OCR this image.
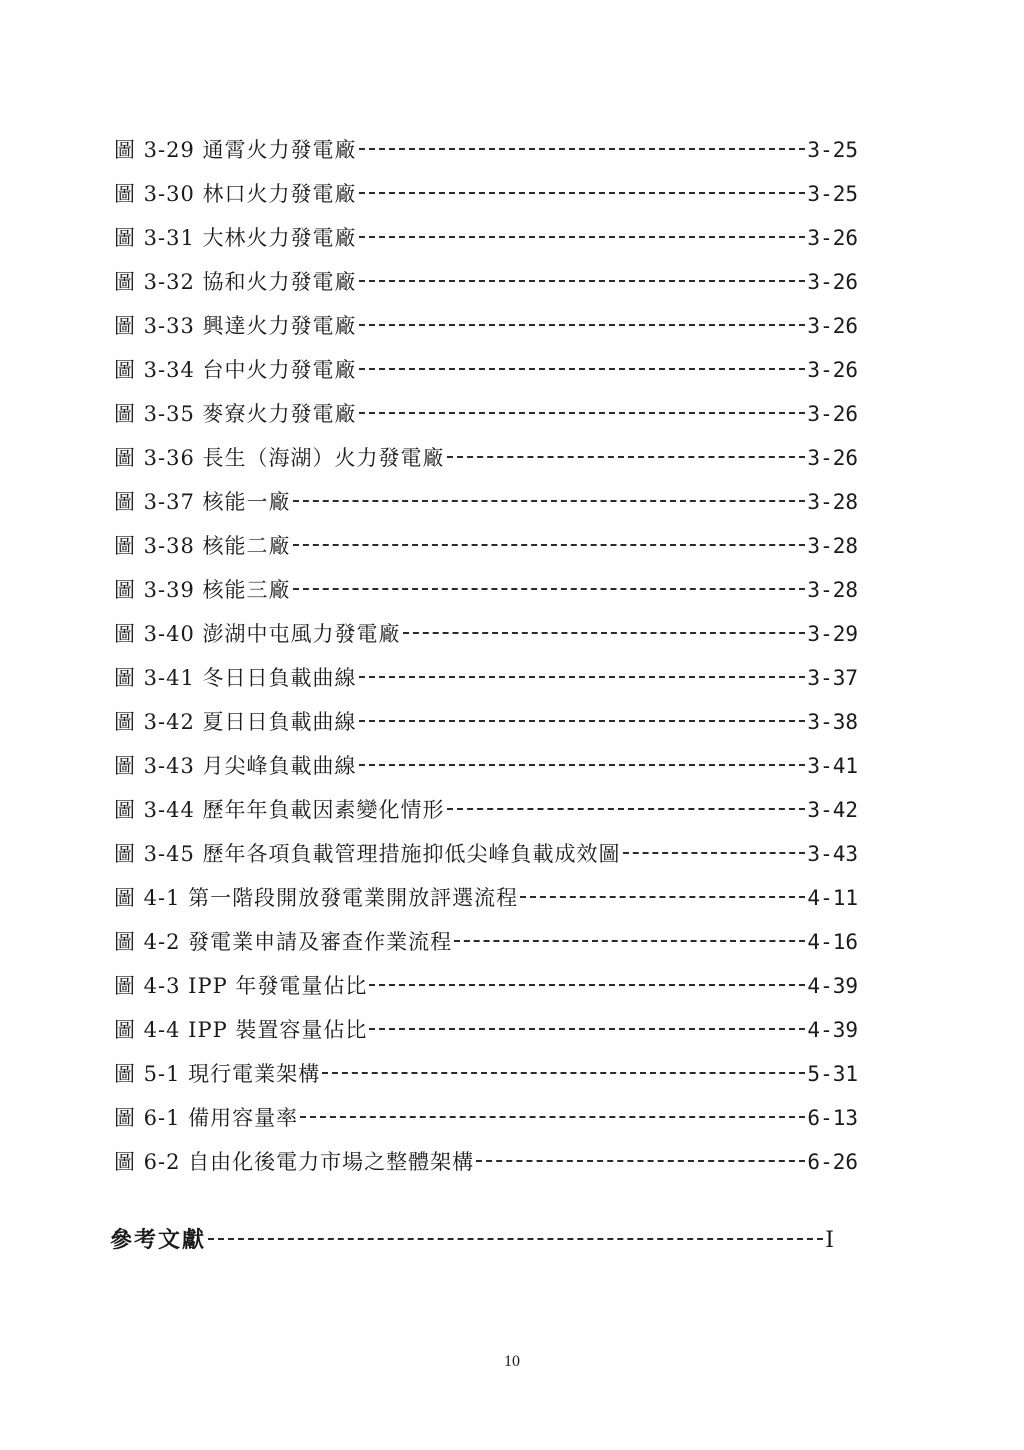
圖 3-29 通霄火力發電廠	3-25
圖 3-30 林口火力發電廠	3-25
圖 3-31 大林火力發電廠	3-26
圖 3-32 協和火力發電廠	3-26
圖 3-33 興達火力發電廠	3-26
圖 3-34 台中火力發電廠	3-26
圖 3-35 麥寮火力發電廠	3-26
圖 3-36 長生（海湖）火力發電廠	3-26
圖 3-37 核能一廠	3-28
圖 3-38 核能二廠	3-28
圖 3-39 核能三廠	3-28
圖 3-40 澎湖中屯風力發電廠	3-29
圖 3-41 冬日日負載曲線	3-37
圖 3-42 夏日日負載曲線	3-38
圖 3-43 月尖峰負載曲線	3-41
圖 3-44 歷年年負載因素變化情形	3-42
圖 3-45 歷年各項負載管理措施抑低尖峰負載成效圖	3-43
圖 4-1 第一階段開放發電業開放評選流程	4-11
圖 4-2 發電業申請及審查作業流程	4-16
圖 4-3 IPP 年發電量佔比	4-39
圖 4-4 IPP 裝置容量佔比	4-39
圖 5-1 現行電業架構	5-31
圖 6-1 備用容量率	6-13
圖 6-2 自由化後電力市場之整體架構	6-26
參考文獻	I
10
